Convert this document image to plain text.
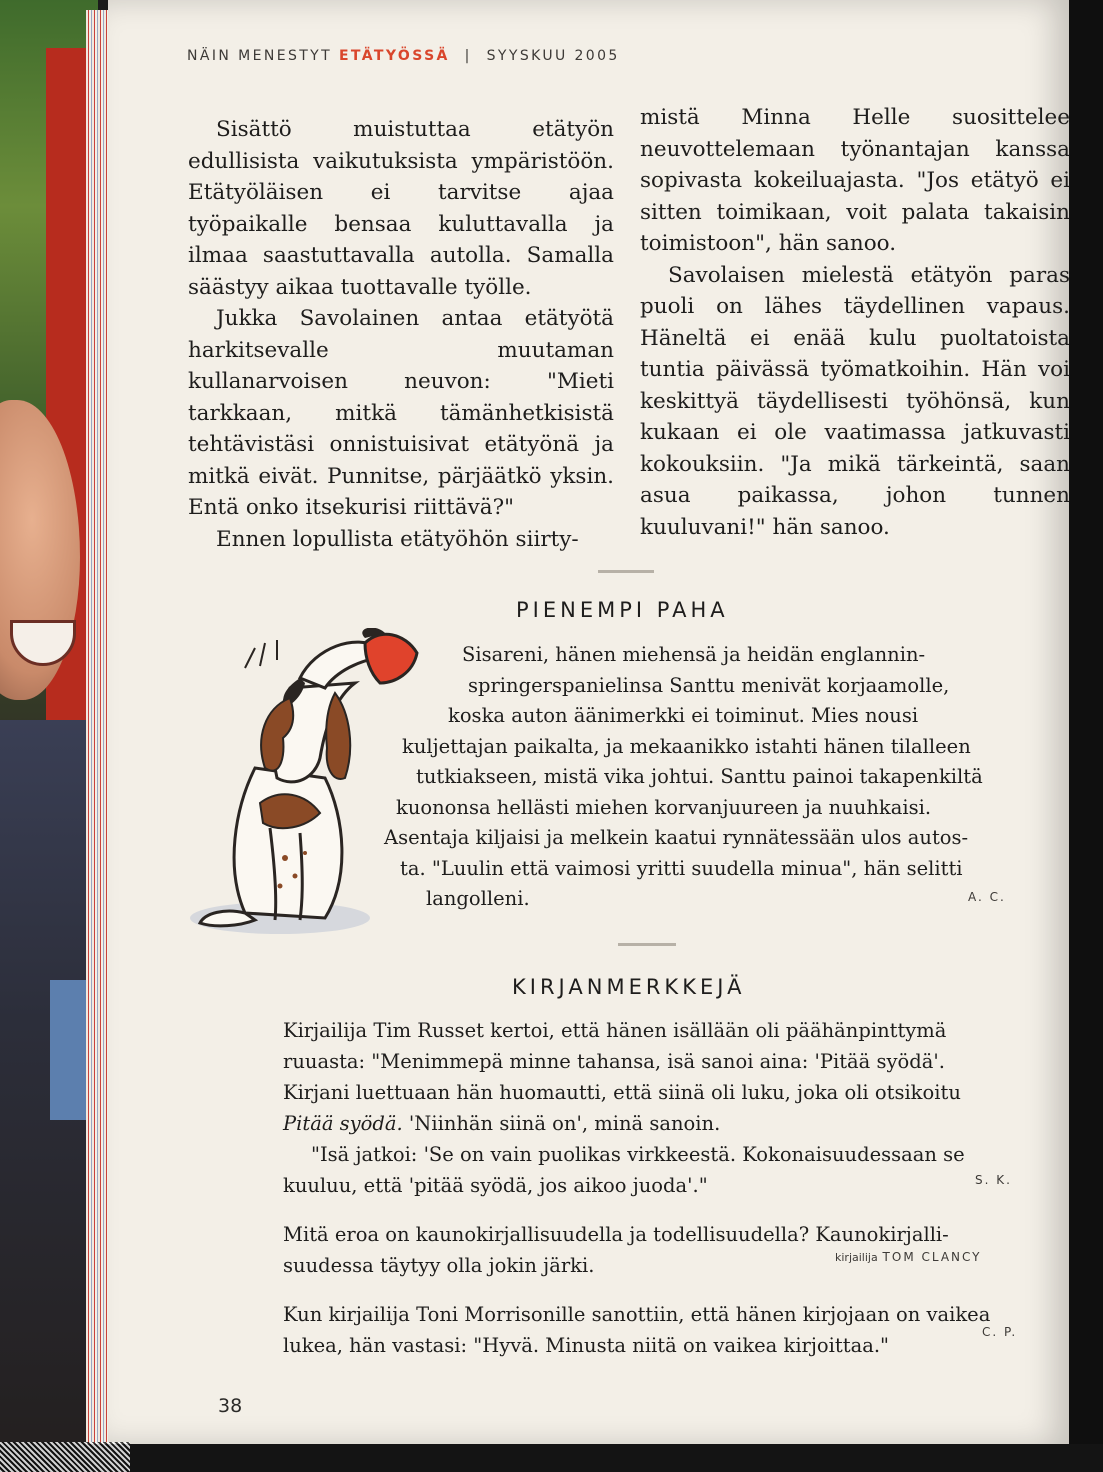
NÄIN MENESTYT ETÄTYÖSSÄ | SYYSKUU 2005

Sisättö muistuttaa etätyön edullisista vaikutuksista ympäristöön. Etätyöläisen ei tarvitse ajaa työpaikalle bensaa kuluttavalla ja ilmaa saastuttavalla autolla. Samalla säästyy aikaa tuottavalle työlle.

Jukka Savolainen antaa etätyötä harkitsevalle muutaman kullanarvoisen neuvon: "Mieti tarkkaan, mitkä tämänhetkisistä tehtävistäsi onnistuisivat etätyönä ja mitkä eivät. Punnitse, pärjäätkö yksin. Entä onko itsekurisi riittävä?"

Ennen lopullista etätyöhön siirty-

mistä Minna Helle suosittelee neuvottelemaan työnantajan kanssa sopivasta kokeiluajasta. "Jos etätyö ei sitten toimikaan, voit palata takaisin toimistoon", hän sanoo.

Savolaisen mielestä etätyön paras puoli on lähes täydellinen vapaus. Häneltä ei enää kulu puoltatoista tuntia päivässä työmatkoihin. Hän voi keskittyä täydellisesti työhönsä, kun kukaan ei ole vaatimassa jatkuvasti kokouksiin. "Ja mikä tärkeintä, saan asua paikassa, johon tunnen kuuluvani!" hän sanoo.

PIENEMPI PAHA
Sisareni, hänen miehensä ja heidän englannin-
springerspanielinsa Santtu menivät korjaamolle,
koska auton äänimerkki ei toiminut. Mies nousi
kuljettajan paikalta, ja mekaanikko istahti hänen tilalleen
tutkiakseen, mistä vika johtui. Santtu painoi takapenkiltä
kuononsa hellästi miehen korvanjuureen ja nuuhkaisi.
Asentaja kiljaisi ja melkein kaatui rynnätessään ulos autos-
ta. "Luulin että vaimosi yritti suudella minua", hän selitti
langolleni.	A. C.
KIRJANMERKKEJÄ
Kirjailija Tim Russet kertoi, että hänen isällään oli päähänpinttymä
ruuasta: "Menimmepä minne tahansa, isä sanoi aina: 'Pitää syödä'.
Kirjani luettuaan hän huomautti, että siinä oli luku, joka oli otsikoitu
Pitää syödä. 'Niinhän siinä on', minä sanoin.
"Isä jatkoi: 'Se on vain puolikas virkkeestä. Kokonaisuudessaan se
kuuluu, että 'pitää syödä, jos aikoo juoda'."
Mitä eroa on kaunokirjallisuudella ja todellisuudella? Kaunokirjalli-
suudessa täytyy olla jokin järki.
Kun kirjailija Toni Morrisonille sanottiin, että hänen kirjojaan on vaikea
lukea, hän vastasi: "Hyvä. Minusta niitä on vaikea kirjoittaa."
S. K.
kirjailija TOM CLANCY
C. P.
38
